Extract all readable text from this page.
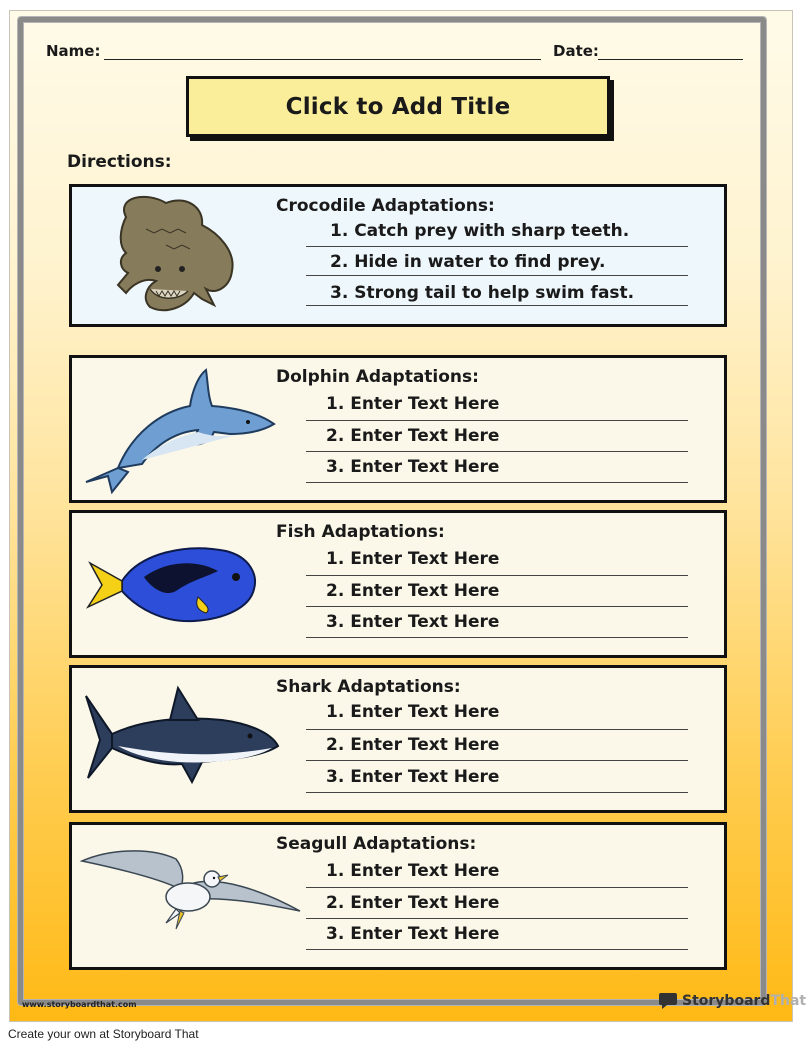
Name:	Date:
Click to Add Title
Directions:
Crocodile Adaptations:
1. Catch prey with sharp teeth.
2. Hide in water to find prey.
3. Strong tail to help swim fast.
Dolphin Adaptations:
1. Enter Text Here
2. Enter Text Here
3. Enter Text Here
Fish Adaptations:
1. Enter Text Here
2. Enter Text Here
3. Enter Text Here
Shark Adaptations:
1. Enter Text Here
2. Enter Text Here
3. Enter Text Here
Seagull Adaptations:
1. Enter Text Here
2. Enter Text Here
3. Enter Text Here
www.storyboardthat.com	Storyboard That
Create your own at Storyboard That
